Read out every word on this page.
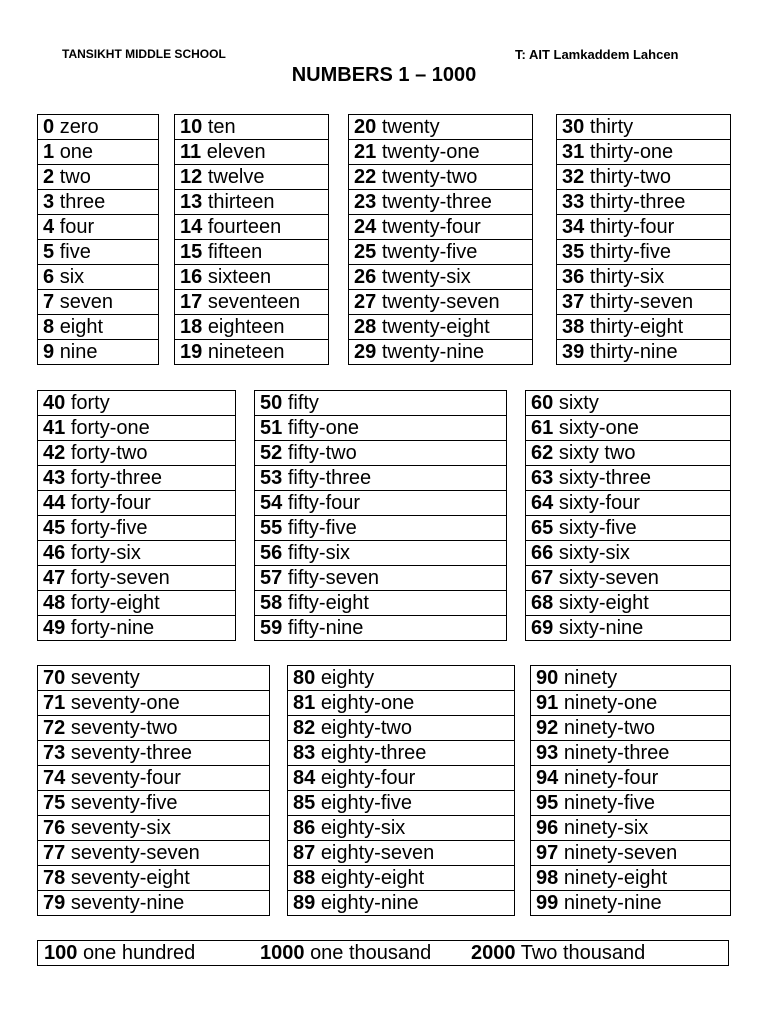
TANSIKHT MIDDLE SCHOOL	T: AIT Lamkaddem Lahcen
NUMBERS 1 – 1000
0 zero
1 one
2 two
3 three
4 four
5 five
6 six
7 seven
8 eight
9 nine
10 ten
11 eleven
12 twelve
13 thirteen
14 fourteen
15 fifteen
16 sixteen
17 seventeen
18 eighteen
19 nineteen
20 twenty
21 twenty-one
22 twenty-two
23 twenty-three
24 twenty-four
25 twenty-five
26 twenty-six
27 twenty-seven
28 twenty-eight
29 twenty-nine
30 thirty
31 thirty-one
32 thirty-two
33 thirty-three
34 thirty-four
35 thirty-five
36 thirty-six
37 thirty-seven
38 thirty-eight
39 thirty-nine
40 forty
41 forty-one
42 forty-two
43 forty-three
44 forty-four
45 forty-five
46 forty-six
47 forty-seven
48 forty-eight
49 forty-nine
50 fifty
51 fifty-one
52 fifty-two
53 fifty-three
54 fifty-four
55 fifty-five
56 fifty-six
57 fifty-seven
58 fifty-eight
59 fifty-nine
60 sixty
61 sixty-one
62 sixty two
63 sixty-three
64 sixty-four
65 sixty-five
66 sixty-six
67 sixty-seven
68 sixty-eight
69 sixty-nine
70 seventy
71 seventy-one
72 seventy-two
73 seventy-three
74 seventy-four
75 seventy-five
76 seventy-six
77 seventy-seven
78 seventy-eight
79 seventy-nine
80 eighty
81 eighty-one
82 eighty-two
83 eighty-three
84 eighty-four
85 eighty-five
86 eighty-six
87 eighty-seven
88 eighty-eight
89 eighty-nine
90 ninety
91 ninety-one
92 ninety-two
93 ninety-three
94 ninety-four
95 ninety-five
96 ninety-six
97 ninety-seven
98 ninety-eight
99 ninety-nine
100 one hundred	1000 one thousand 2000 Two thousand
